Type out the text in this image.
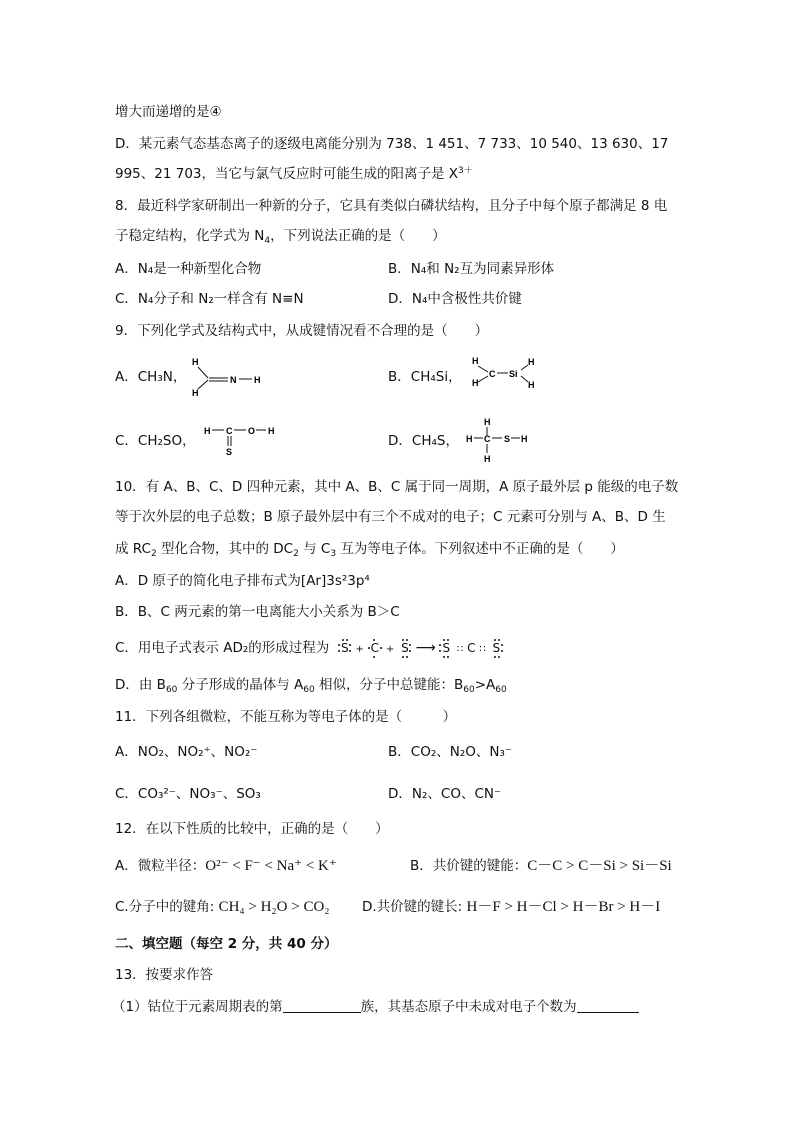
增大而递增的是④
D．某元素气态基态离子的逐级电离能分别为 738、1 451、7 733、10 540、13 630、17
995、21 703，当它与氯气反应时可能生成的阳离子是 $X^{3+}$
8．最近科学家研制出一种新的分子，它具有类似白磷状结构，且分子中每个原子都满足 8 电
子稳定结构，化学式为 $N_4$，下列说法正确的是（　　）
A．N₄是一种新型化合物	B．N₄和 N₂互为同素异形体
C．N₄分子和 N₂一样含有 N≡N	D．N₄中含极性共价键
9．下列化学式及结构式中，从成键情况看不合理的是（　　）
A．CH₃N，
H
H
N H	B．CH₄Si，
H
H
C Si
H
H
C．CH₂SO，
H C O H
S
D．CH₄S，
H
H C S H
H
10．有 A、B、C、D 四种元素，其中 A、B、C 属于同一周期，A 原子最外层 p 能级的电子数
等于次外层的电子总数；B 原子最外层中有三个不成对的电子；C 元素可分别与 A、B、D 生
成 $RC_2$ 型化合物，其中的 $DC_2$ 与 $C_3$ 互为等电子体。下列叙述中不正确的是（　　）
A．D 原子的简化电子排布式为[Ar]3s²3p⁴
B．B、C 两元素的第一电离能大小关系为 B＞C
C．用电子式表示 AD₂的形成过程为 S + C + S ⟶ S ∷ C ∷ S
D．由 $B_{60}$ 分子形成的晶体与 $A_{60}$ 相似，分子中总键能：$B_{60}>A_{60}$
11．下列各组微粒，不能互称为等电子体的是（　　　）
A．NO₂、NO₂⁺、NO₂⁻	B．CO₂、N₂O、N₃⁻
C．CO₃²⁻、NO₃⁻、SO₃	D．N₂、CO、CN⁻
12．在以下性质的比较中，正确的是（　　）
A．微粒半径：O²⁻ < F⁻ < Na⁺ < K⁺	B．共价键的键能：C－C > C－Si > Si－Si
C.分子中的键角: CH₄ > H₂O > CO₂ D.共价键的键长: H－F > H－Cl > H－Br > H－I
二、填空题（每空 2 分，共 40 分）
13．按要求作答
（1）钴位于元素周期表的第	族，其基态原子中未成对电子个数为
